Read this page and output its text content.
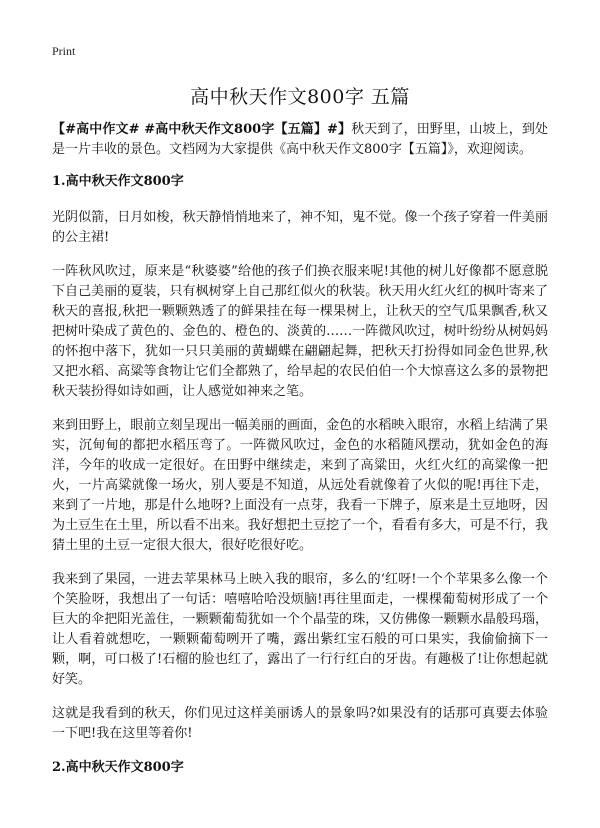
Print
高中秋天作文800字 五篇

【#高中作文# #高中秋天作文800字【五篇】#】秋天到了，田野里，山坡上，到处是一片丰收的景色。文档网为大家提供《高中秋天作文800字【五篇】》，欢迎阅读。

1.高中秋天作文800字

光阴似箭，日月如梭，秋天静悄悄地来了，神不知，鬼不觉。像一个孩子穿着一件美丽的公主裙!

一阵秋风吹过，原来是“秋婆婆”给他的孩子们换衣服来呢!其他的树儿好像都不愿意脱下自己美丽的夏装，只有枫树穿上自己那红似火的秋装。秋天用火红火红的枫叶寄来了秋天的喜报,秋把一颗颗熟透了的鲜果挂在每一棵果树上，让秋天的空气瓜果飘香,秋又把树叶染成了黄色的、金色的、橙色的、淡黄的……一阵微风吹过，树叶纷纷从树妈妈的怀抱中落下，犹如一只只美丽的黄蝴蝶在翩翩起舞，把秋天打扮得如同金色世界,秋又把水稻、高粱等食物让它们全都熟了，给早起的农民伯伯一个大惊喜这么多的景物把秋天装扮得如诗如画，让人感觉如神来之笔。

来到田野上，眼前立刻呈现出一幅美丽的画面，金色的水稻映入眼帘，水稻上结满了果实，沉甸甸的都把水稻压弯了。一阵微风吹过，金色的水稻随风摆动，犹如金色的海洋，今年的收成一定很好。在田野中继续走，来到了高粱田，火红火红的高粱像一把火，一片高粱就像一场火，别人要是不知道，从远处看就像着了火似的呢!再往下走，来到了一片地，那是什么地呀?上面没有一点芽，我看一下牌子，原来是土豆地呀，因为土豆生在土里，所以看不出来。我好想把土豆挖了一个，看看有多大，可是不行，我猜土里的土豆一定很大很大，很好吃很好吃。

我来到了果园，一进去苹果林马上映入我的眼帘，多么的‘红呀!一个个苹果多么像一个个笑脸呀，我想出了一句话：嘻嘻哈哈没烦脑!再往里面走，一棵棵葡萄树形成了一个巨大的伞把阳光盖住，一颗颗葡萄犹如一个个晶莹的珠，又仿佛像一颗颗水晶般玛瑙，让人看着就想吃，一颗颗葡萄咧开了嘴，露出紫红宝石般的可口果实，我偷偷摘下一颗，啊，可口极了!石榴的脸也红了，露出了一行行红白的牙齿。有趣极了!让你想起就好笑。

这就是我看到的秋天，你们见过这样美丽诱人的景象吗?如果没有的话那可真要去体验一下吧!我在这里等着你!

2.高中秋天作文800字
